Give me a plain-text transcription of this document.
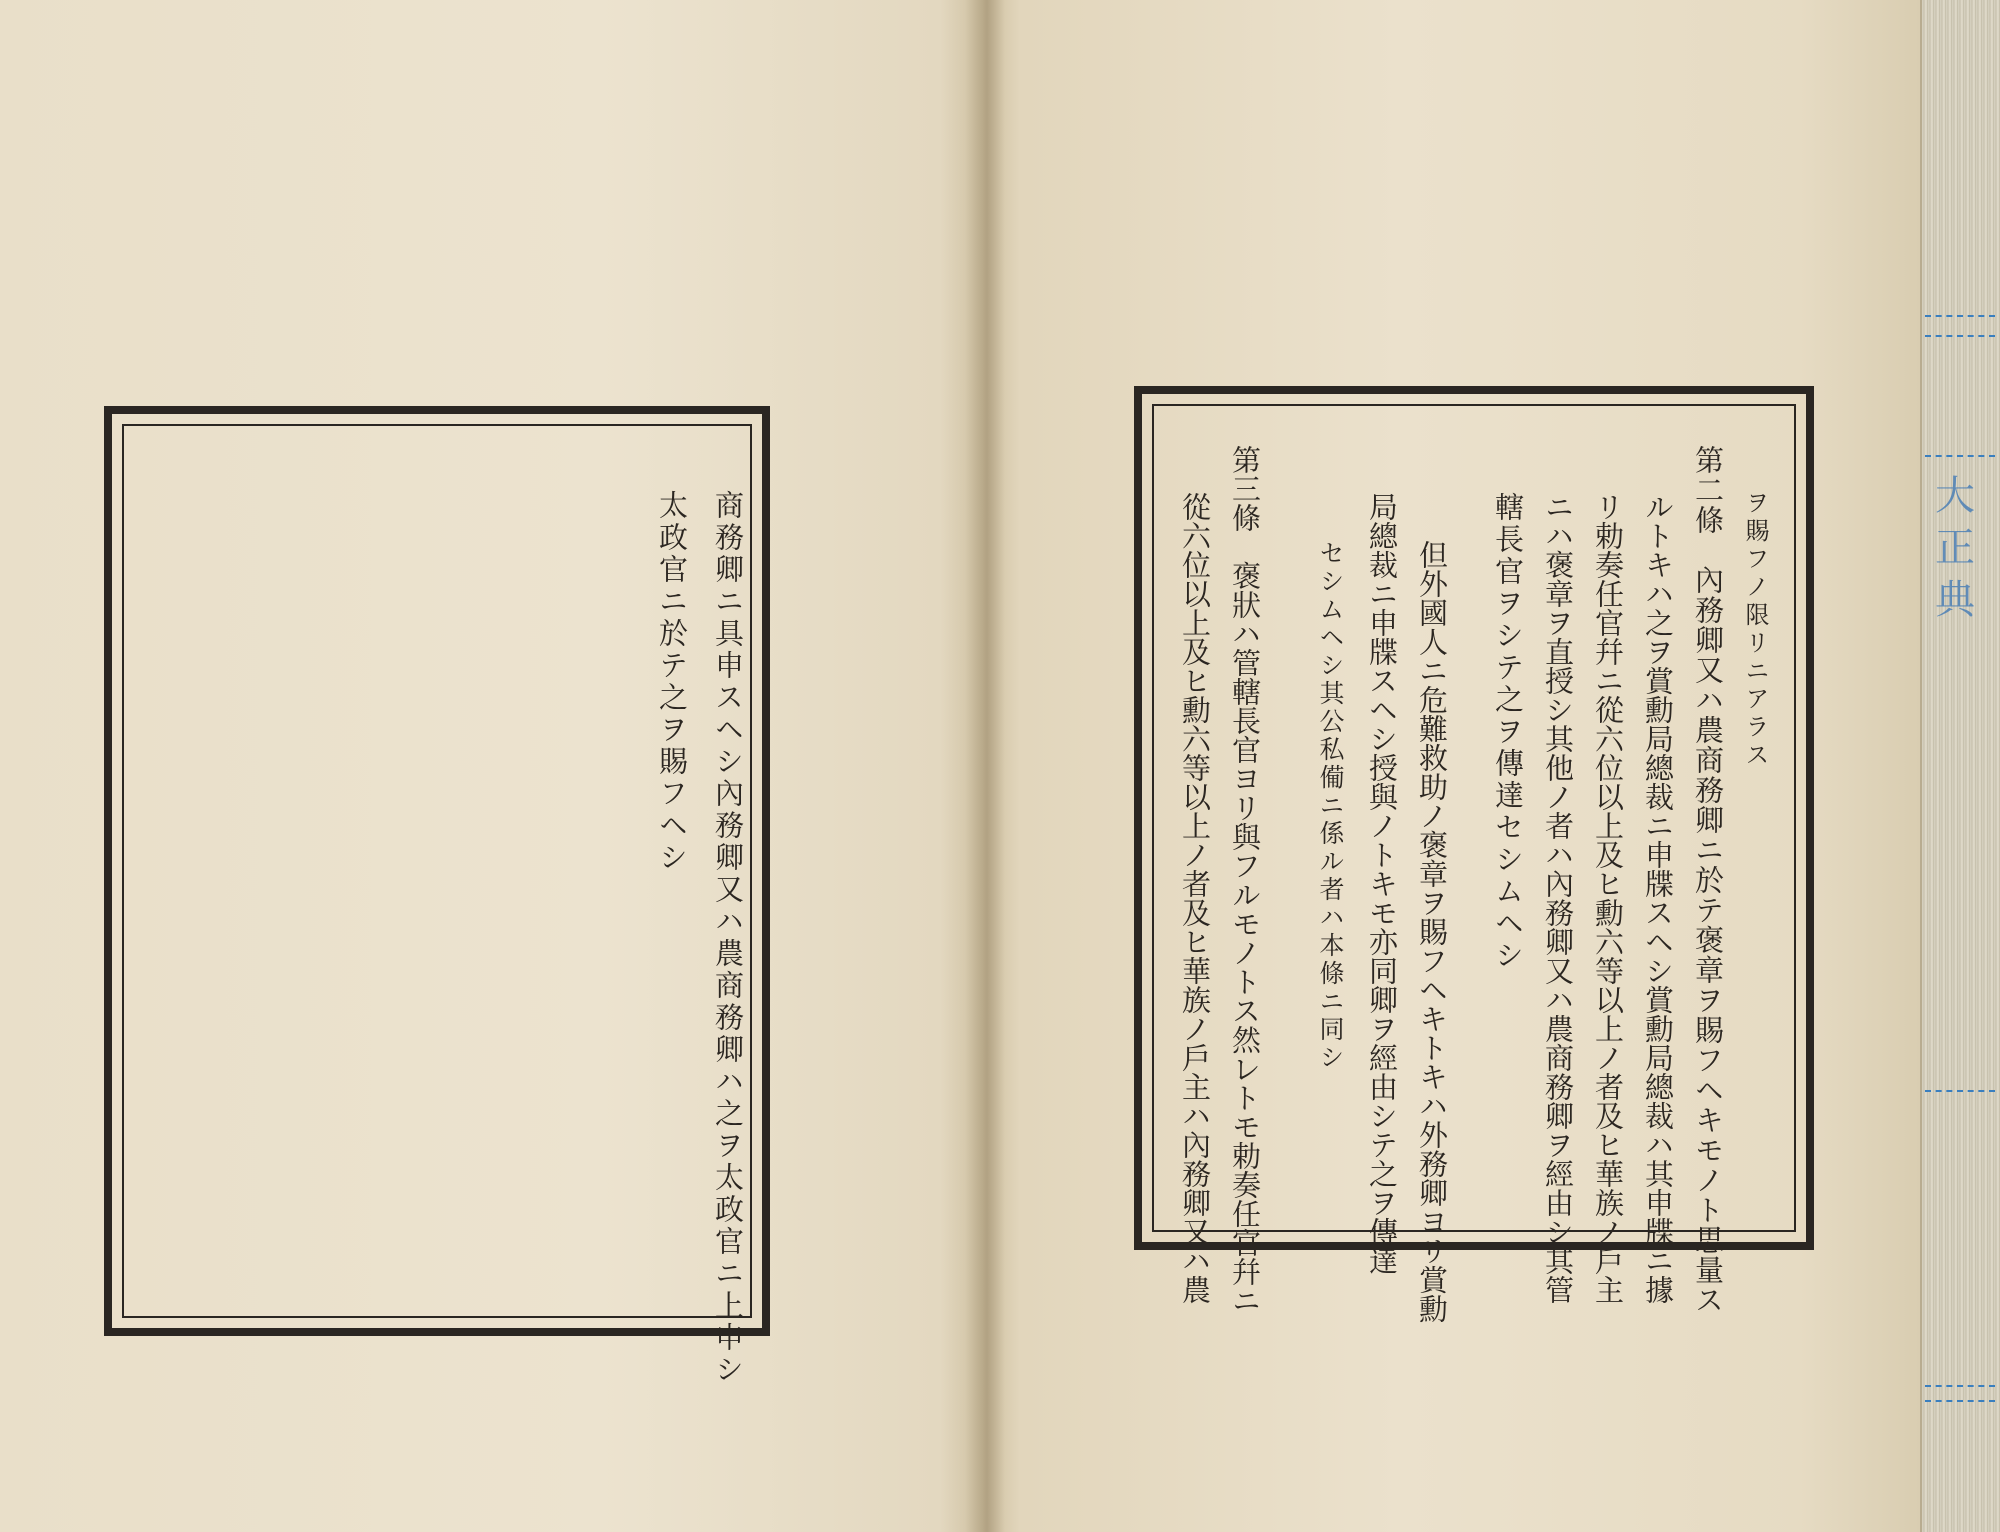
商務卿ニ具申スヘシ內務卿又ハ農商務卿ハ之ヲ太政官ニ上申シ
太政官ニ於テ之ヲ賜フヘシ
　　　　　　　　　　　　　　　　　　　	ヲ賜フノ限リニアラス
第二條　內務卿又ハ農商務卿ニ於テ褒章ヲ賜フヘキモノト思量ス
ルトキハ之ヲ賞勳局總裁ニ申牒スヘシ賞勳局總裁ハ其申牒ニ據
リ勅奏任官幷ニ從六位以上及ヒ勳六等以上ノ者及ヒ華族ノ戶主
ニハ褒章ヲ直授シ其他ノ者ハ內務卿又ハ農商務卿ヲ經由シ其管
轄長官ヲシテ之ヲ傳達セシムヘシ
但外國人ニ危難救助ノ褒章ヲ賜フヘキトキハ外務卿ヨリ賞勳
局總裁ニ申牒スヘシ授與ノトキモ亦同卿ヲ經由シテ之ヲ傳達
セシムヘシ其公私僃ニ係ル者ハ本條ニ同シ
第三條　褒狀ハ管轄長官ヨリ與フルモノトス然レトモ勅奏任官幷ニ
從六位以上及ヒ勳六等以上ノ者及ヒ華族ノ戶主ハ內務卿又ハ農	大
正
典
